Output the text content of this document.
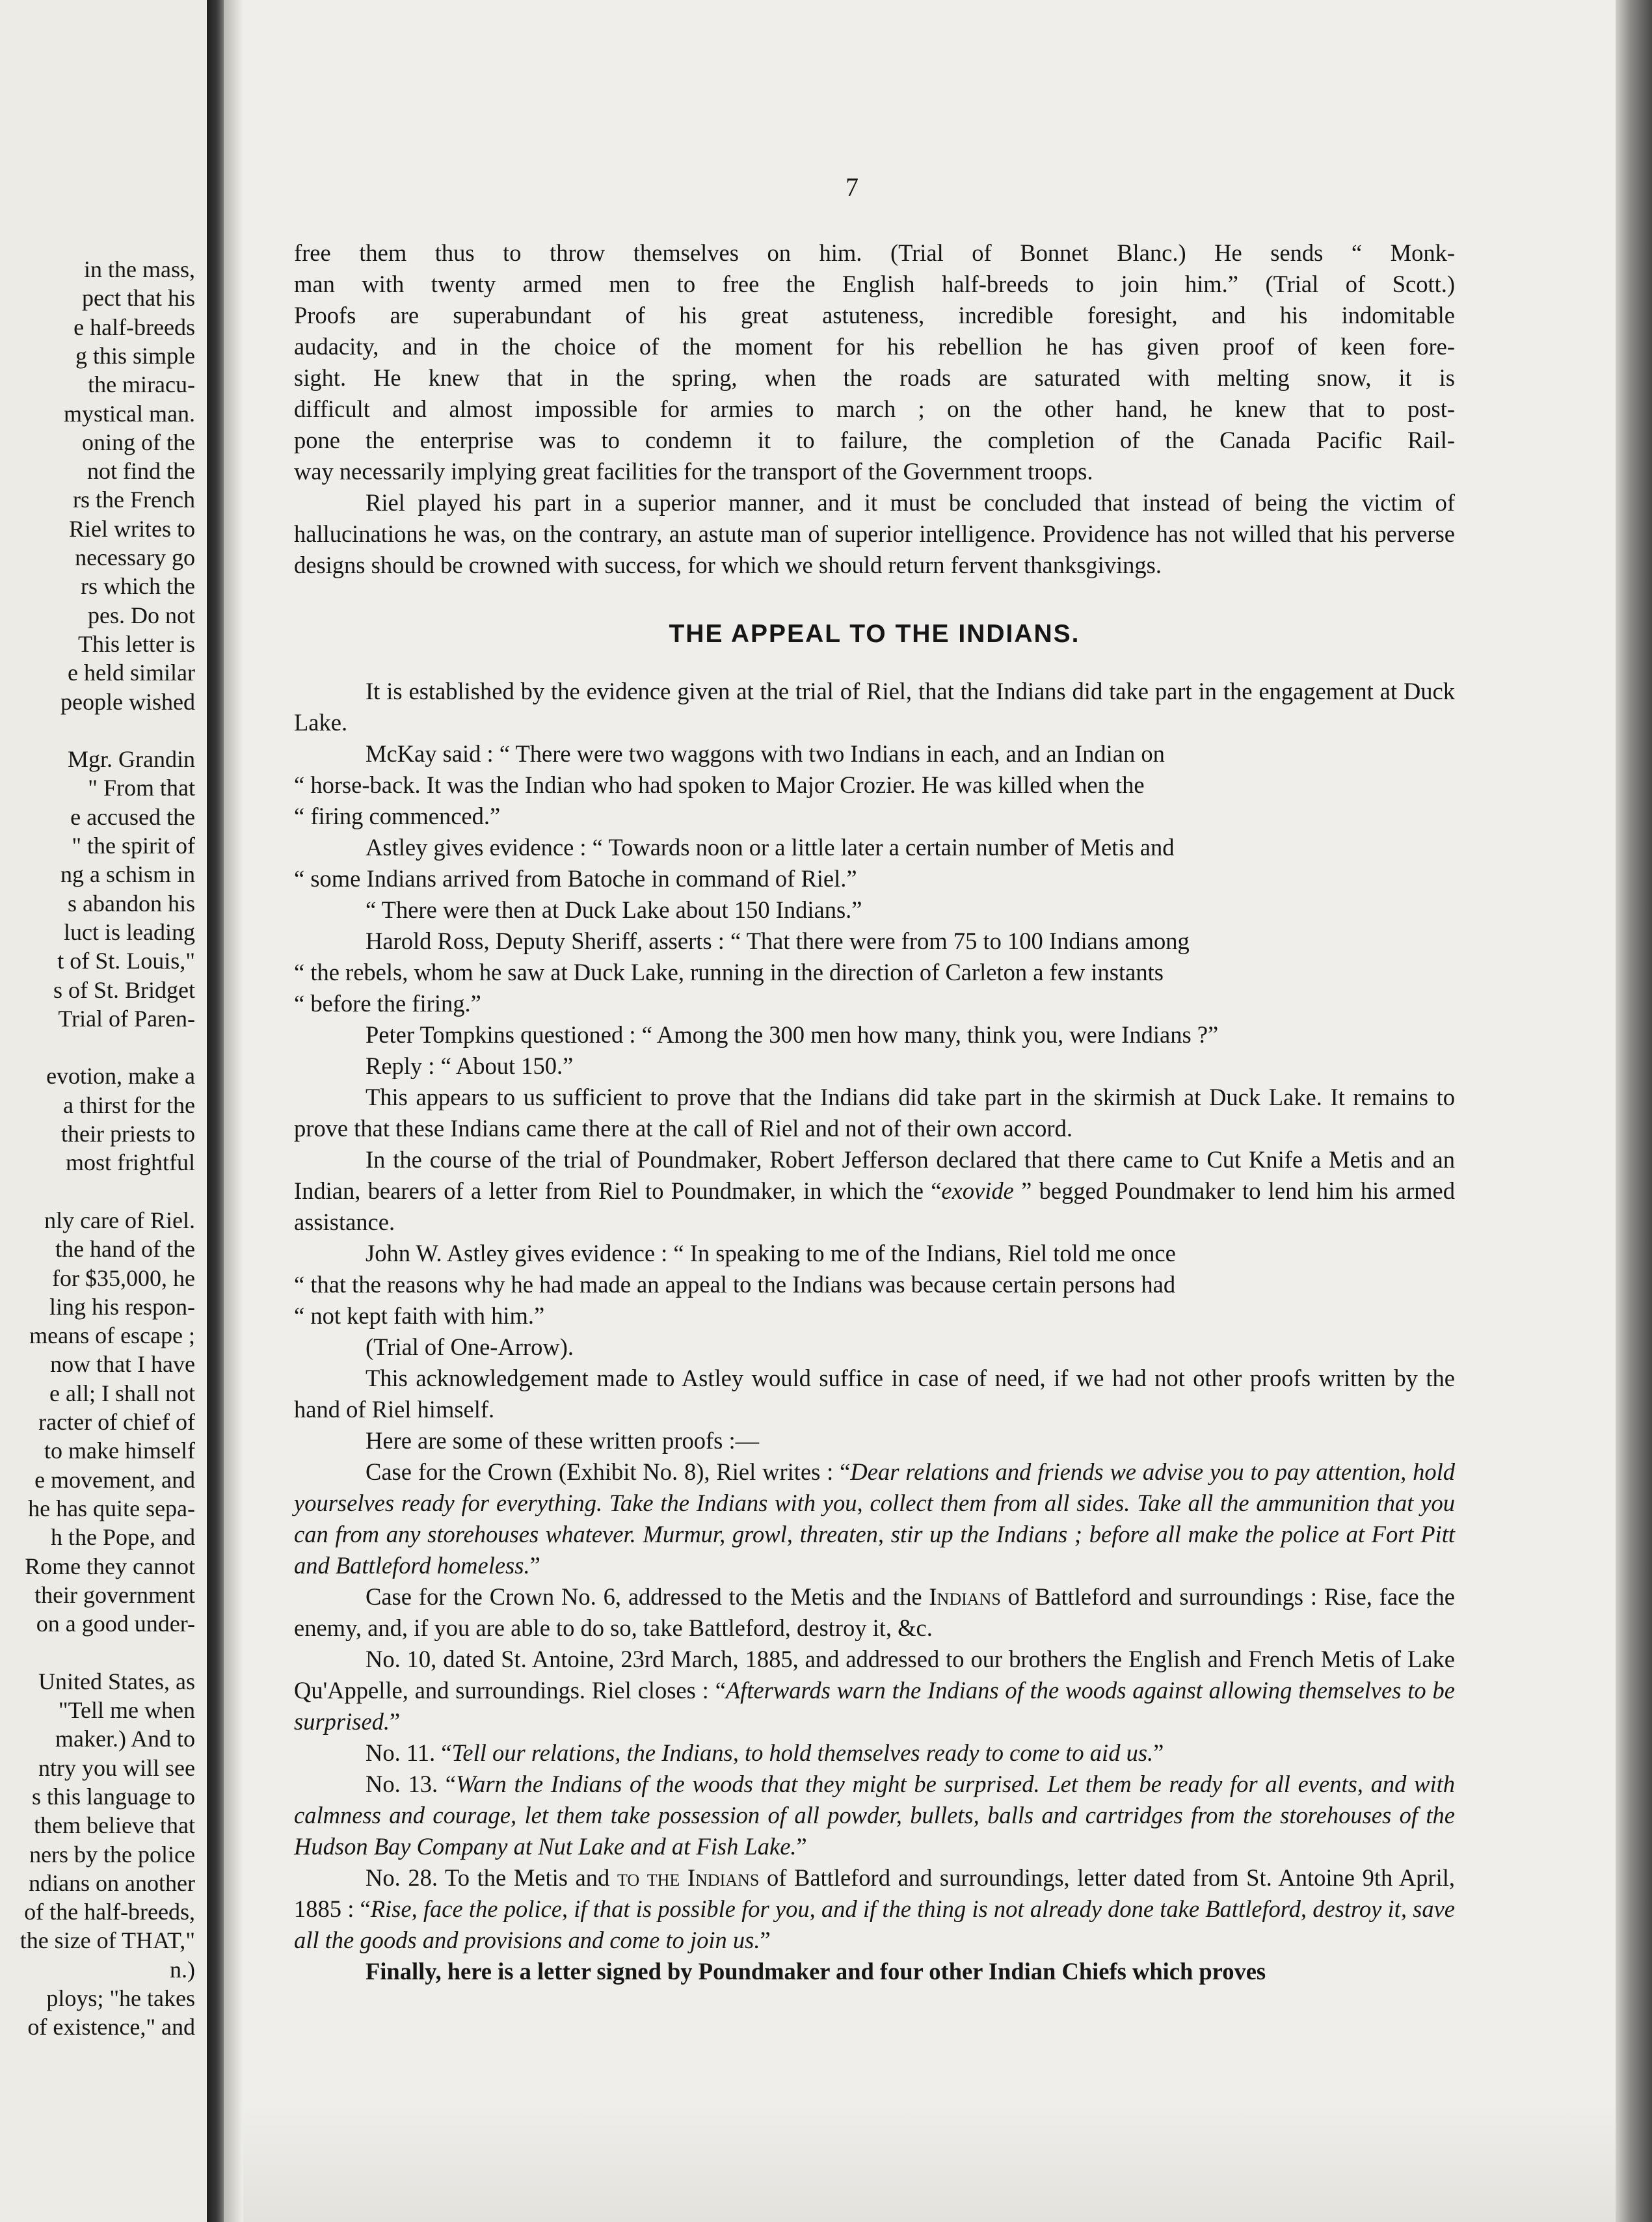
in the mass,
pect that his
e half-breeds
g this simple
the miracu-
mystical man.
oning of the
not find the
rs the French
Riel writes to
necessary go
rs which the
pes. Do not
This letter is
e held similar
people wished
Mgr. Grandin
" From that
e accused the
" the spirit of
ng a schism in
s abandon his
luct is leading
t of St. Louis,"
s of St. Bridget
Trial of Paren-
evotion, make a
a thirst for the
their priests to
most frightful
nly care of Riel.
the hand of the
for $35,000, he
ling his respon-
means of escape ;
now that I have
e all; I shall not
racter of chief of
to make himself
e movement, and
he has quite sepa-
h the Pope, and
Rome they cannot
their government
on a good under-
United States, as
"Tell me when
maker.) And to
ntry you will see
s this language to
them believe that
ners by the police
ndians on another
of the half-breeds,
the size of THAT,"
n.)
ploys; "he takes
of existence," and
7
free them thus to throw themselves on him. (Trial of Bonnet Blanc.) He sends “ Monk-
man with twenty armed men to free the English half-breeds to join him.” (Trial of Scott.)
Proofs are superabundant of his great astuteness, incredible foresight, and his indomitable
audacity, and in the choice of the moment for his rebellion he has given proof of keen fore-
sight. He knew that in the spring, when the roads are saturated with melting snow, it is
difficult and almost impossible for armies to march ; on the other hand, he knew that to post-
pone the enterprise was to condemn it to failure, the completion of the Canada Pacific Rail-
way necessarily implying great facilities for the transport of the Government troops.

Riel played his part in a superior manner, and it must be concluded that instead of being the victim of hallucinations he was, on the contrary, an astute man of superior intelligence. Providence has not willed that his perverse designs should be crowned with success, for which we should return fervent thanksgivings.

THE APPEAL TO THE INDIANS.

It is established by the evidence given at the trial of Riel, that the Indians did take part in the engagement at Duck Lake.

McKay said : “ There were two waggons with two Indians in each, and an Indian on

“ horse-back. It was the Indian who had spoken to Major Crozier. He was killed when the

“ firing commenced.”

Astley gives evidence : “ Towards noon or a little later a certain number of Metis and

“ some Indians arrived from Batoche in command of Riel.”

“ There were then at Duck Lake about 150 Indians.”

Harold Ross, Deputy Sheriff, asserts : “ That there were from 75 to 100 Indians among

“ the rebels, whom he saw at Duck Lake, running in the direction of Carleton a few instants

“ before the firing.”

Peter Tompkins questioned : “ Among the 300 men how many, think you, were Indians ?”

Reply : “ About 150.”

This appears to us sufficient to prove that the Indians did take part in the skirmish at Duck Lake. It remains to prove that these Indians came there at the call of Riel and not of their own accord.

In the course of the trial of Poundmaker, Robert Jefferson declared that there came to Cut Knife a Metis and an Indian, bearers of a letter from Riel to Poundmaker, in which the “exovide ” begged Poundmaker to lend him his armed assistance.

John W. Astley gives evidence : “ In speaking to me of the Indians, Riel told me once

“ that the reasons why he had made an appeal to the Indians was because certain persons had

“ not kept faith with him.”

(Trial of One-Arrow).

This acknowledgement made to Astley would suffice in case of need, if we had not other proofs written by the hand of Riel himself.

Here are some of these written proofs :—

Case for the Crown (Exhibit No. 8), Riel writes : “Dear relations and friends we advise you to pay attention, hold yourselves ready for everything. Take the Indians with you, collect them from all sides. Take all the ammunition that you can from any storehouses whatever. Murmur, growl, threaten, stir up the Indians ; before all make the police at Fort Pitt and Battleford homeless.”

Case for the Crown No. 6, addressed to the Metis and the Indians of Battleford and surroundings : Rise, face the enemy, and, if you are able to do so, take Battleford, destroy it, &c.

No. 10, dated St. Antoine, 23rd March, 1885, and addressed to our brothers the English and French Metis of Lake Qu'Appelle, and surroundings. Riel closes : “Afterwards warn the Indians of the woods against allowing themselves to be surprised.”

No. 11. “Tell our relations, the Indians, to hold themselves ready to come to aid us.”

No. 13. “Warn the Indians of the woods that they might be surprised. Let them be ready for all events, and with calmness and courage, let them take possession of all powder, bullets, balls and cartridges from the storehouses of the Hudson Bay Company at Nut Lake and at Fish Lake.”

No. 28. To the Metis and to the Indians of Battleford and surroundings, letter dated from St. Antoine 9th April, 1885 : “Rise, face the police, if that is possible for you, and if the thing is not already done take Battleford, destroy it, save all the goods and provisions and come to join us.”

Finally, here is a letter signed by Poundmaker and four other Indian Chiefs which proves
